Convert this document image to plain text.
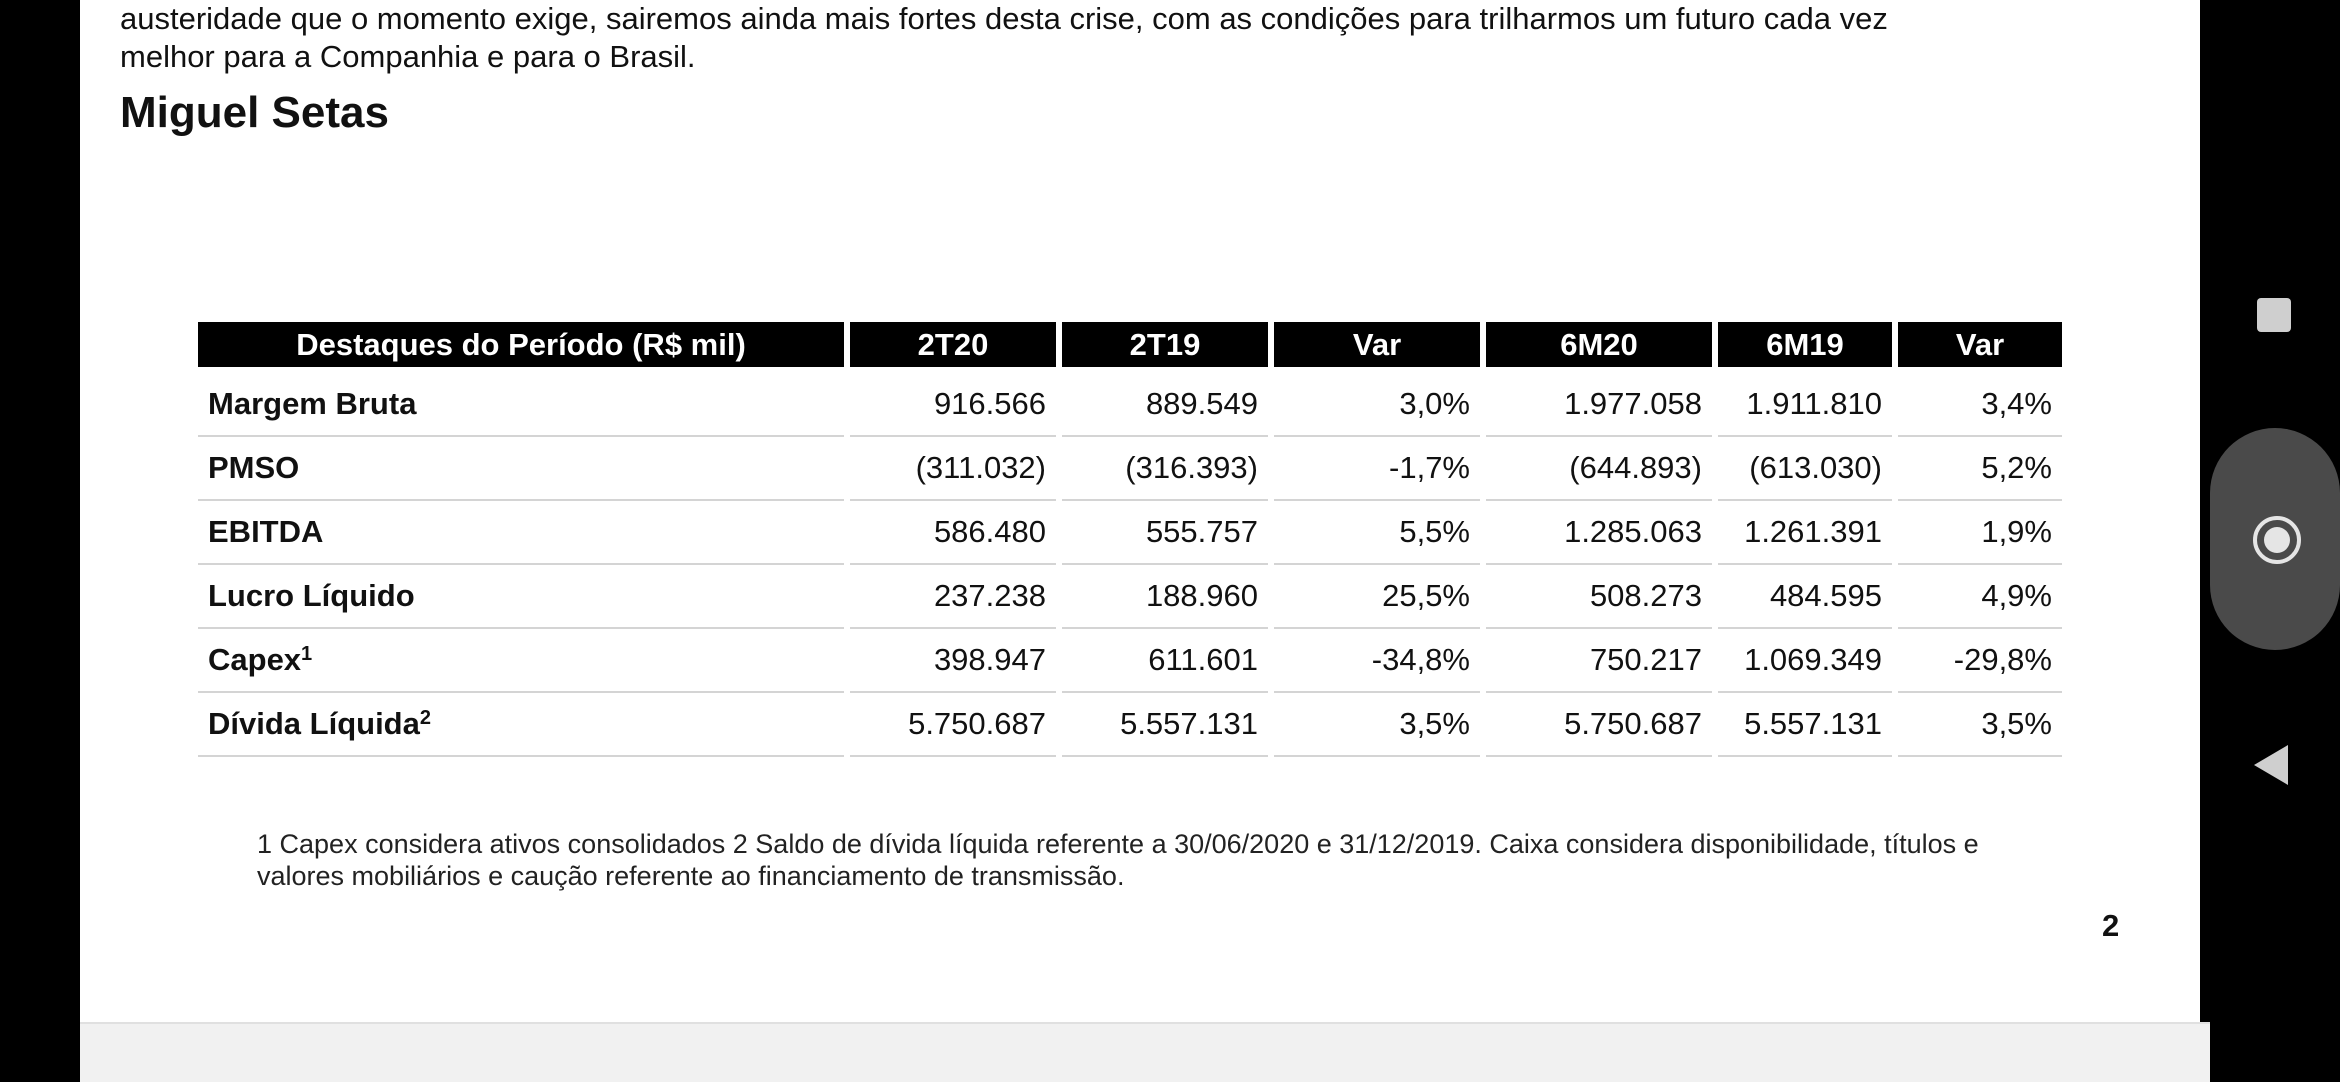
austeridade que o momento exige, sairemos ainda mais fortes desta crise, com as condições para trilharmos um futuro cada vez
melhor para a Companhia e para o Brasil.
Miguel Setas
Destaques do Período (R$ mil)	2T20	2T19	Var	6M20	6M19	Var
Margem Bruta	916.566	889.549	3,0%	1.977.058	1.911.810	3,4%
PMSO	(311.032)	(316.393)	-1,7%	(644.893)	(613.030)	5,2%
EBITDA	586.480	555.757	5,5%	1.285.063	1.261.391	1,9%
Lucro Líquido	237.238	188.960	25,5%	508.273	484.595	4,9%
Capex$^1$	398.947	611.601	-34,8%	750.217	1.069.349	-29,8%
Dívida Líquida$^2$	5.750.687	5.557.131	3,5%	5.750.687	5.557.131	3,5%
1 Capex considera ativos consolidados 2 Saldo de dívida líquida referente a 30/06/2020 e 31/12/2019. Caixa considera disponibilidade, títulos e
valores mobiliários e caução referente ao financiamento de transmissão.
2
